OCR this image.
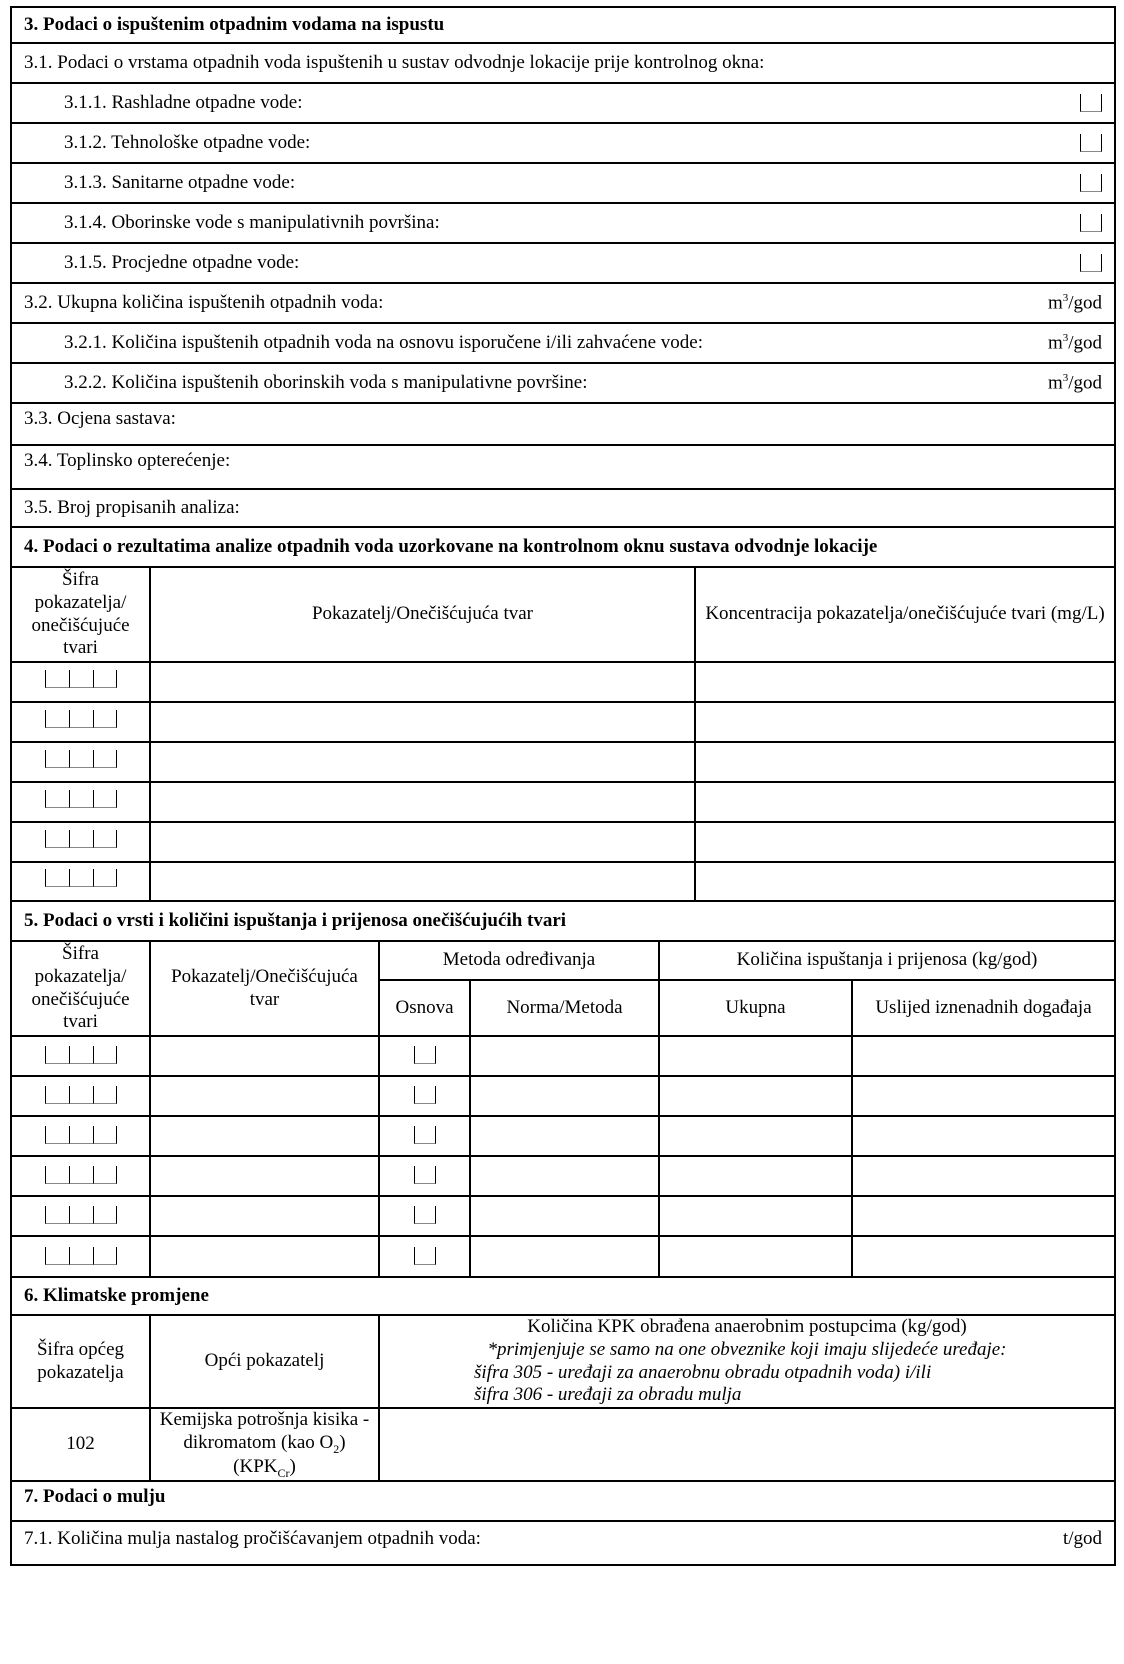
3. Podaci o ispuštenim otpadnim vodama na ispustu
3.1. Podaci o vrstama otpadnih voda ispuštenih u sustav odvodnje lokacije prije kontrolnog okna:
3.1.1. Rashladne otpadne vode:
3.1.2. Tehnološke otpadne vode:
3.1.3. Sanitarne otpadne vode:
3.1.4. Oborinske vode s manipulativnih površina:
3.1.5. Procjedne otpadne vode:
3.2. Ukupna količina ispuštenih otpadnih voda:	$m^3$/god
3.2.1. Količina ispuštenih otpadnih voda na osnovu isporučene i/ili zahvaćene vode:	$m^3$/god
3.2.2. Količina ispuštenih oborinskih voda s manipulativne površine:	$m^3$/god
3.3. Ocjena sastava:
3.4. Toplinsko opterećenje:
3.5. Broj propisanih analiza:
4. Podaci o rezultatima analize otpadnih voda uzorkovane na kontrolnom oknu sustava odvodnje lokacije
Šifra pokazatelja/ onečišćujuće tvari	Pokazatelj/Onečišćujuća tvar	Koncentracija pokazatelja/onečišćujuće tvari (mg/L)

5. Podaci o vrsti i količini ispuštanja i prijenosa onečišćujućih tvari
Šifra pokazatelja/ onečišćujuće tvari	Pokazatelj/Onečišćujuća tvar	Metoda određivanja		Količina ispuštanja i prijenosa (kg/god)	
		Osnova	Norma/Metoda	Ukupna	Uslijed iznenadnih događaja

6. Klimatske promjene
Šifra općeg pokazatelja	Opći pokazatelj	Količina KPK obrađena anaerobnim postupcima (kg/god)
*primjenjuje se samo na one obveznike koji imaju slijedeće uređaje:
šifra 305 - uređaji za anaerobnu obradu otpadnih voda) i/ili
šifra 306 - uređaji za obradu mulja

102	Kemijska potrošnja kisika - dikromatom (kao $O_2$) $(KPK_{Cr})$	
7. Podaci o mulju
7.1. Količina mulja nastalog pročišćavanjem otpadnih voda:	t/god
